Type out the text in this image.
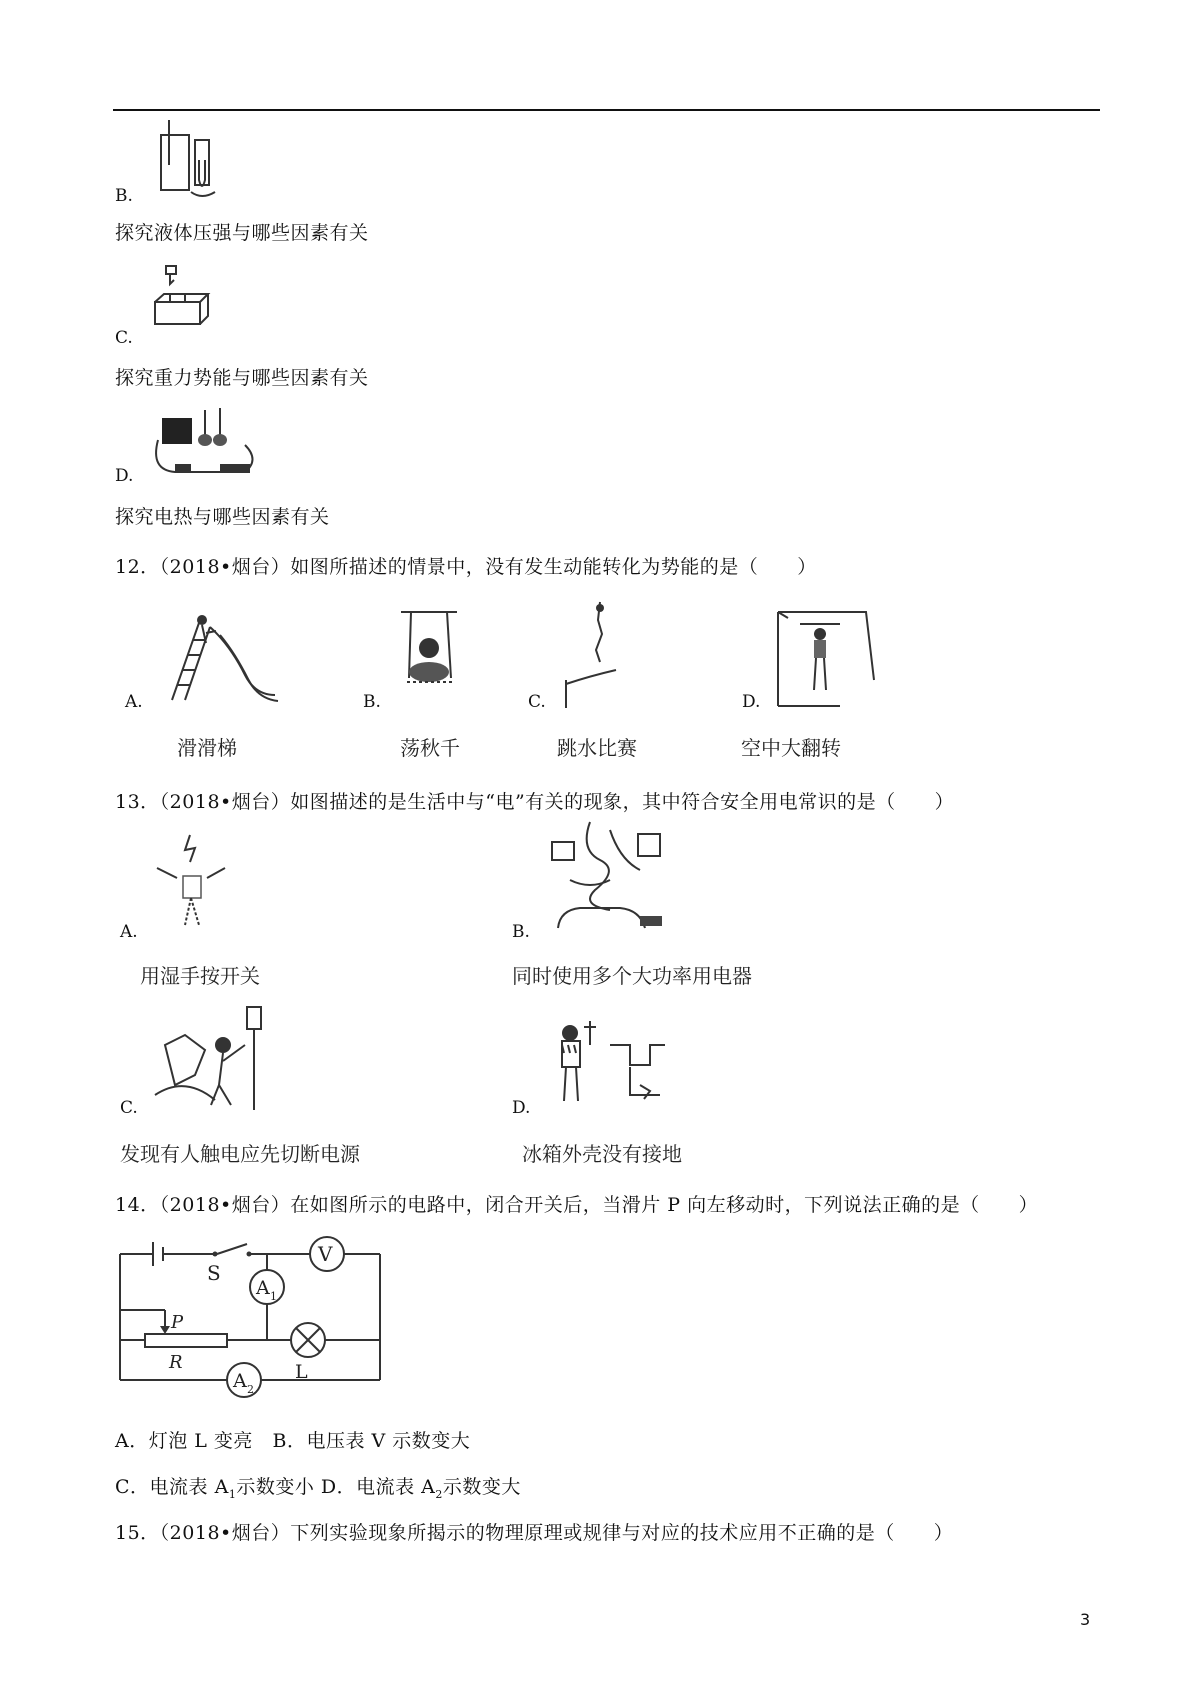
B.
探究液体压强与哪些因素有关
C.
探究重力势能与哪些因素有关
D.
探究电热与哪些因素有关
12．（2018•烟台）如图所描述的情景中，没有发生动能转化为势能的是（　　）
A.
滑滑梯
B.
荡秋千
C.
跳水比赛
D.
空中大翻转
13．（2018•烟台）如图描述的是生活中与“电”有关的现象，其中符合安全用电常识的是（　　）
A.
用湿手按开关
B.
同时使用多个大功率用电器
C.
发现有人触电应先切断电源
D.
冰箱外壳没有接地
14．（2018•烟台）在如图所示的电路中，闭合开关后，当滑片 P 向左移动时，下列说法正确的是（　　）
V
S
A 1
P
R	L
A 2
A．灯泡 L 变亮 B．电压表 V 示数变大
C．电流表 $A_1$示数变小 D．电流表 $A_2$示数变大
15．（2018•烟台）下列实验现象所揭示的物理原理或规律与对应的技术应用不正确的是（　　）
3
